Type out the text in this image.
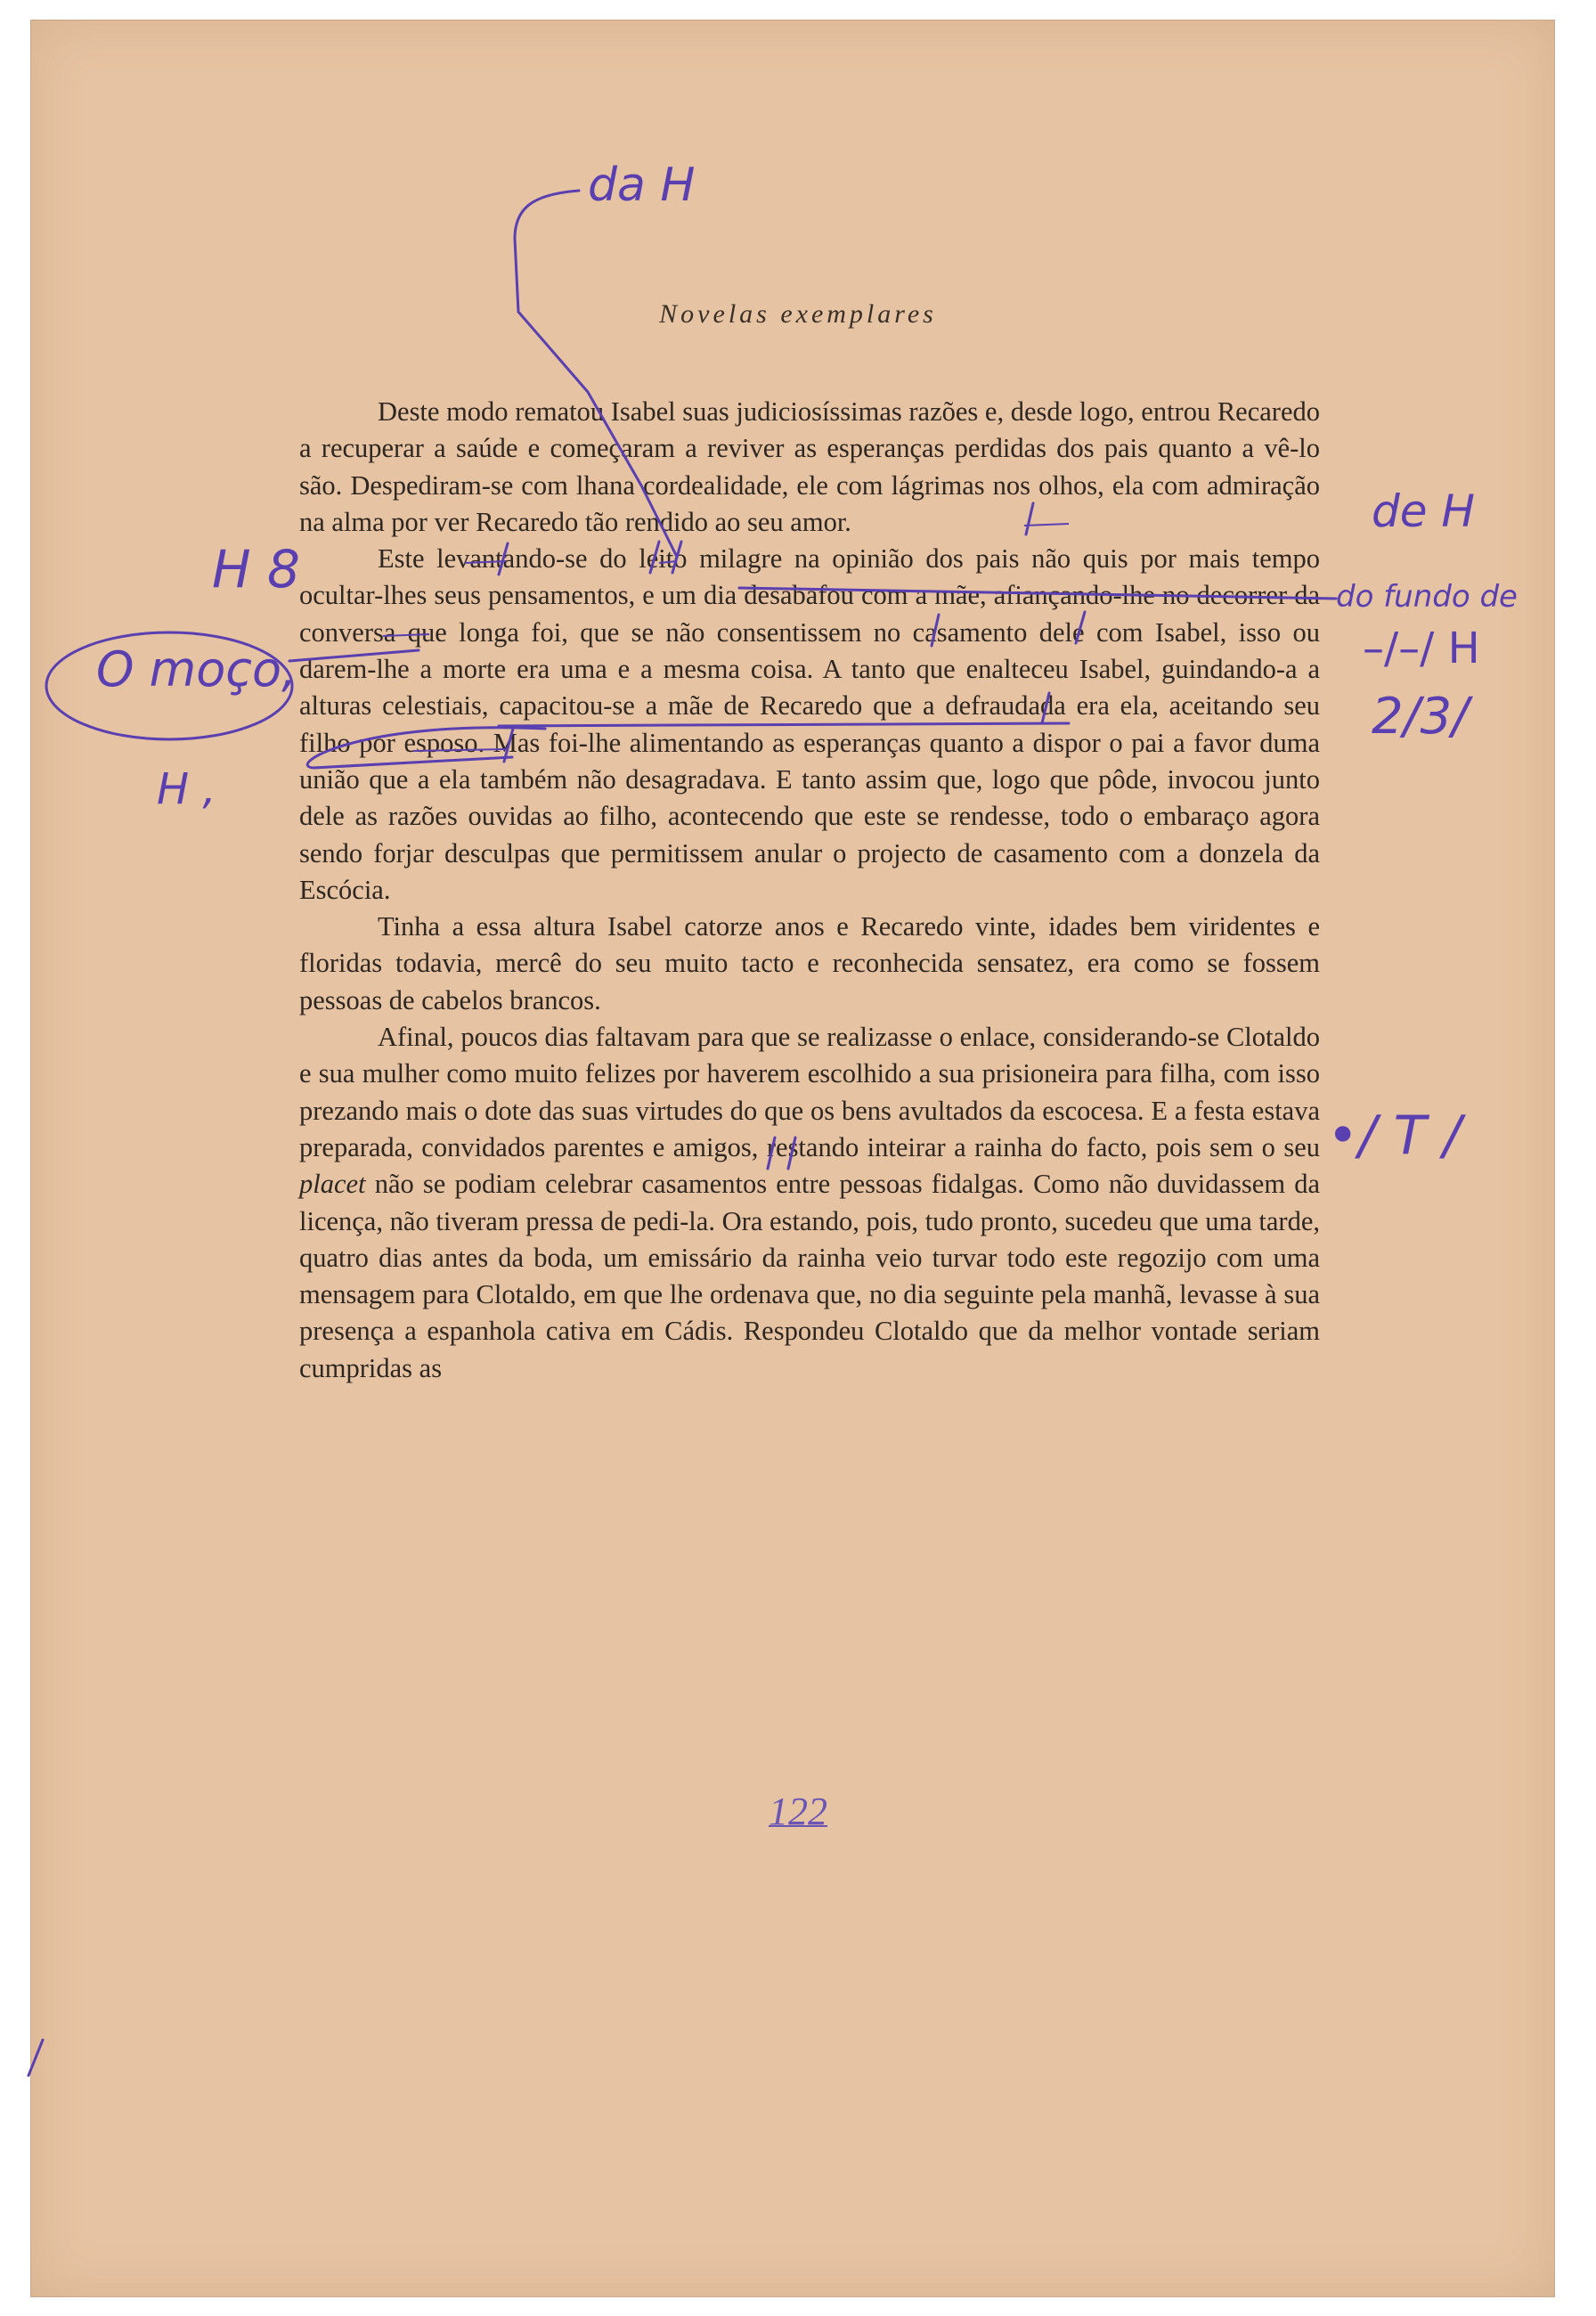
Novelas exemplares

Deste modo rematou Isabel suas judiciosíssimas razões e, desde logo, entrou Recaredo a recuperar a saúde e começaram a reviver as esperanças perdidas dos pais quanto a vê-lo são. Despediram-se com lhana cordealidade, ele com lágrimas nos olhos, ela com admiração na alma por ver Recaredo tão rendido ao seu amor.

Este levantando-se do leito milagre na opinião dos pais não quis por mais tempo ocultar-lhes seus pensamentos, e um dia desabafou com a mãe, afiançando-lhe no decorrer da conversa que longa foi, que se não consentissem no casamento dele com Isabel, isso ou darem-lhe a morte era uma e a mesma coisa. A tanto que enalteceu Isabel, guindando-a a alturas celestiais, capacitou-se a mãe de Recaredo que a defraudada era ela, aceitando seu filho por esposo. Mas foi-lhe alimentando as esperanças quanto a dispor o pai a favor duma união que a ela também não desagradava. E tanto assim que, logo que pôde, invocou junto dele as razões ouvidas ao filho, acontecendo que este se rendesse, todo o embaraço agora sendo forjar desculpas que permitissem anular o projecto de casamento com a donzela da Escócia.

Tinha a essa altura Isabel catorze anos e Recaredo vinte, idades bem viridentes e floridas todavia, mercê do seu muito tacto e reconhecida sensatez, era como se fossem pessoas de cabelos brancos.

Afinal, poucos dias faltavam para que se realizasse o enlace, considerando-se Clotaldo e sua mulher como muito felizes por haverem escolhido a sua prisioneira para filha, com isso prezando mais o dote das suas virtudes do que os bens avultados da escocesa. E a festa estava preparada, convidados parentes e amigos, restando inteirar a rainha do facto, pois sem o seu placet não se podiam celebrar casamentos entre pessoas fidalgas. Como não duvidassem da licença, não tiveram pressa de pedi-la. Ora estando, pois, tudo pronto, sucedeu que uma tarde, quatro dias antes da boda, um emissário da rainha veio turvar todo este regozijo com uma mensagem para Clotaldo, em que lhe ordenava que, no dia seguinte pela manhã, levasse à sua presença a espanhola cativa em Cádis. Respondeu Clotaldo que da melhor vontade seriam cumpridas as

da H
de H
do fundo de
–/–/ H
2/3/
H 8
O moço,
H ,
•/ T /
122
